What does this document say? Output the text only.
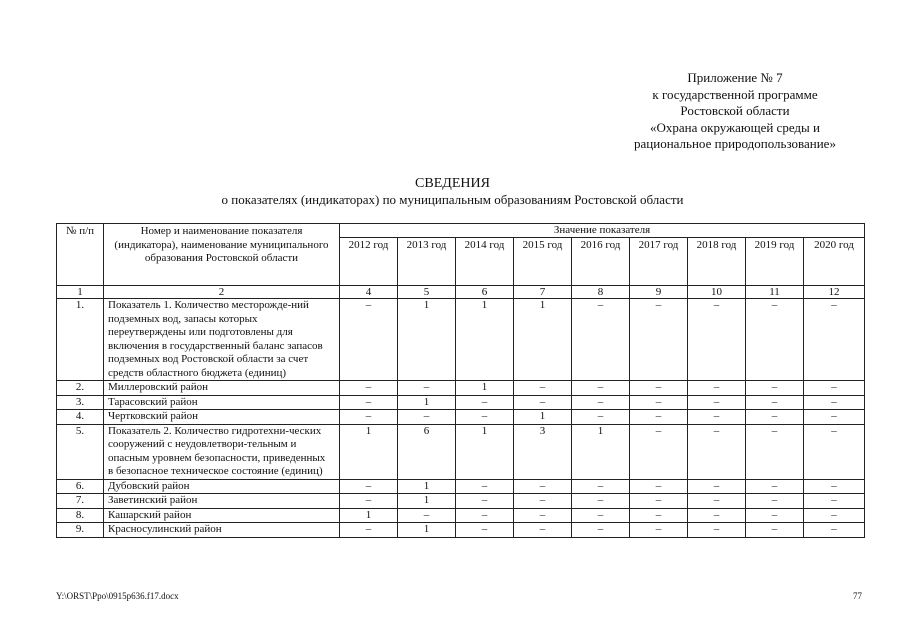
Приложение № 7
к государственной программе
Ростовской области
«Охрана окружающей среды и
рациональное природопользование»
СВЕДЕНИЯ
о показателях (индикаторах) по муниципальным образованиям Ростовской области
№ п/п	Номер и наименование показателя (индикатора), наименование муниципального образования Ростовской области	Значение показателя								
		2012 год	2013 год	2014 год	2015 год	2016 год	2017 год	2018 год	2019 год	2020 год
1	2	4	5	6	7	8	9	10	11	12
1.	Показатель 1. Количество месторожде-ний подземных вод, запасы которых переутверждены или подготовлены для включения в государственный баланс запасов подземных вод Ростовской области за счет средств областного бюджета (единиц)	–	1	1	1	–	–	–	–	–
2.	Миллеровский район	–	–	1	–	–	–	–	–	–
3.	Тарасовский район	–	1	–	–	–	–	–	–	–
4.	Чертковский район	–	–	–	1	–	–	–	–	–
5.	Показатель 2. Количество гидротехни-ческих сооружений с неудовлетвори-тельным и опасным уровнем безопасности, приведенных в безопасное техническое состояние (единиц)	1	6	1	3	1	–	–	–	–
6.	Дубовский район	–	1	–	–	–	–	–	–	–
7.	Заветинский район	–	1	–	–	–	–	–	–	–
8.	Кашарский район	1	–	–	–	–	–	–	–	–
9.	Красносулинский район	–	1	–	–	–	–	–	–	–
Y:\ORST\Ppo\0915p636.f17.docx	77
